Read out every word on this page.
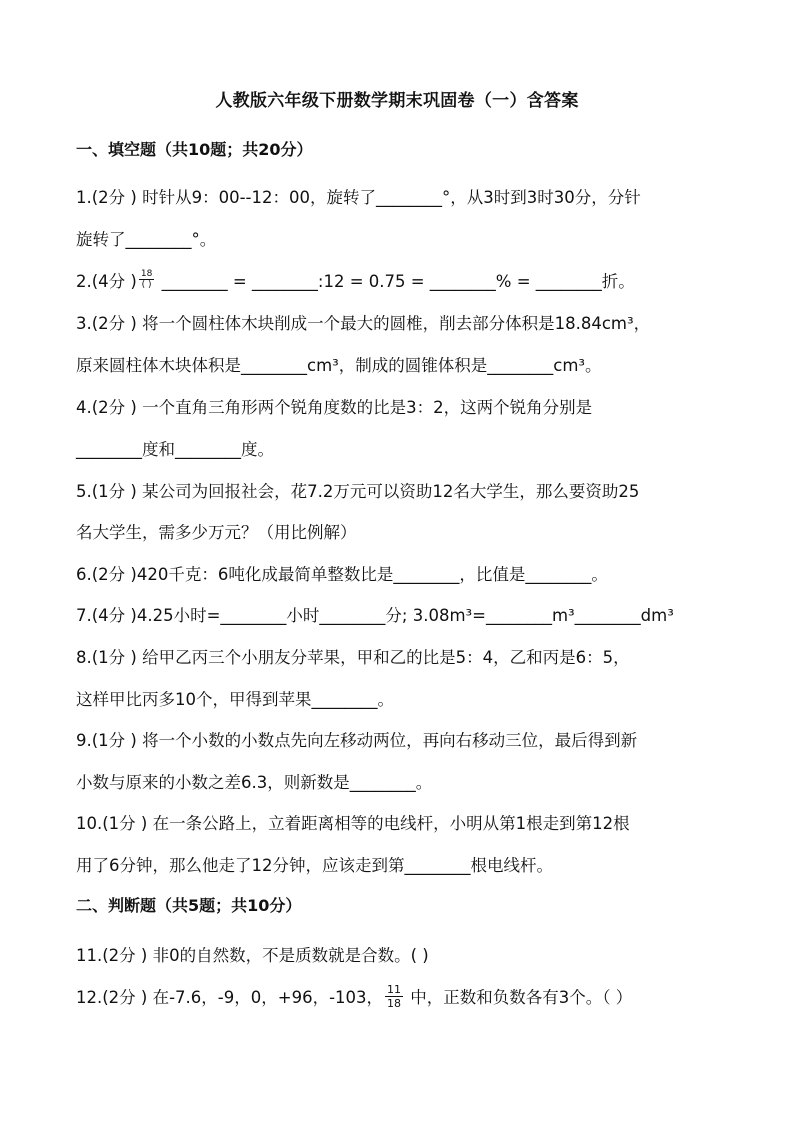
人教版六年级下册数学期末巩固卷（一）含答案
一、填空题（共10题；共20分）
1.(2分 ) 时针从9：00--12：00，旋转了________°，从3时到3时30分，分针
旋转了________°。
2.(4分 ) $\frac{18}{( )}$ ________ = ________:12 = 0.75 = ________% = ________折。
3.(2分 ) 将一个圆柱体木块削成一个最大的圆椎，削去部分体积是18.84cm³，
原来圆柱体木块体积是________cm³，制成的圆锥体积是________cm³。
4.(2分 ) 一个直角三角形两个锐角度数的比是3：2，这两个锐角分别是
________度和________度。
5.(1分 ) 某公司为回报社会，花7.2万元可以资助12名大学生，那么要资助25
名大学生，需多少万元？（用比例解）
6.(2分 )420千克：6吨化成最简单整数比是________，比值是________。
7.(4分 )4.25小时=________小时________分; 3.08m³=________m³________dm³
8.(1分 ) 给甲乙丙三个小朋友分苹果，甲和乙的比是5：4，乙和丙是6：5，
这样甲比丙多10个，甲得到苹果________。
9.(1分 ) 将一个小数的小数点先向左移动两位，再向右移动三位，最后得到新
小数与原来的小数之差6.3，则新数是________。
10.(1分 ) 在一条公路上，立着距离相等的电线杆，小明从第1根走到第12根
用了6分钟，那么他走了12分钟，应该走到第________根电线杆。
二、判断题（共5题；共10分）
11.(2分 ) 非0的自然数，不是质数就是合数。( )
12.(2分 ) 在-7.6，-9，0，+96，-103， $\frac{11}{18}$ 中，正数和负数各有3个。（ ）
